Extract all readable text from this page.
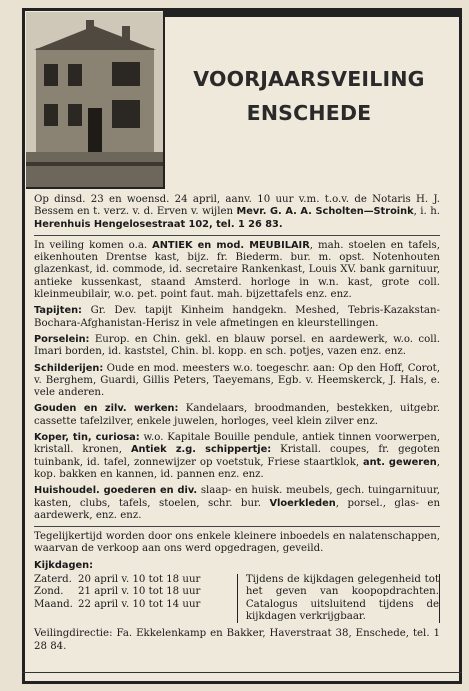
VOORJAARSVEILING
ENSCHEDE

Op dinsd. 23 en woensd. 24 april, aanv. 10 uur v.m. t.o.v. de Notaris H. J. Bessem en t. verz. v. d. Erven v. wijlen Mevr. G. A. A. Scholten—Stroink, i. h. Herenhuis Hengelosestraat 102, tel. 1 26 83.

In veiling komen o.a. ANTIEK en mod. MEUBILAIR, mah. stoelen en tafels, eikenhouten Drentse kast, bijz. fr. Biederm. bur. m. opst. Notenhouten glazenkast, id. commode, id. secretaire Rankenkast, Louis XV. bank garnituur, antieke kussenkast, staand Amsterd. horloge in w.n. kast, grote coll. kleinmeubilair, w.o. pet. point faut. mah. bijzettafels enz. enz.

Tapijten: Gr. Dev. tapijt Kinheim handgekn. Meshed, Tebris-Kazakstan-Bochara-Afghanistan-Herisz in vele afmetingen en kleurstellingen.

Porselein: Europ. en Chin. gekl. en blauw porsel. en aardewerk, w.o. coll. Imari borden, id. kaststel, Chin. bl. kopp. en sch. potjes, vazen enz. enz.

Schilderijen: Oude en mod. meesters w.o. toegeschr. aan: Op den Hoff, Corot, v. Berghem, Guardi, Gillis Peters, Taeyemans, Egb. v. Heemskerck, J. Hals, e. vele anderen.

Gouden en zilv. werken: Kandelaars, broodmanden, bestekken, uitgebr. cassette tafelzilver, enkele juwelen, horloges, veel klein zilver enz.

Koper, tin, curiosa: w.o. Kapitale Bouille pendule, antiek tinnen voorwerpen, kristall. kronen, Antiek z.g. schippertje: Kristall. coupes, fr. gegoten tuinbank, id. tafel, zonnewijzer op voetstuk, Friese staartklok, ant. geweren, kop. bakken en kannen, id. pannen enz. enz.

Huishoudel. goederen en div. slaap- en huisk. meubels, gech. tuingarnituur, kasten, clubs, tafels, stoelen, schr. bur. Vloerkleden, porsel., glas- en aardewerk, enz. enz.

Tegelijkertijd worden door ons enkele kleinere inboedels en nalatenschappen, waarvan de verkoop aan ons werd opgedragen, geveild.

Kijkdagen:
Zaterd. 20 april v. 10 tot 18 uur
Zond.	21 april v. 10 tot 18 uur
Maand. 22 april v. 10 tot 14 uur
Tijdens de kijkdagen gelegenheid tot het geven van koopopdrachten. Catalogus uitsluitend tijdens de kijkdagen verkrijgbaar.

Veilingdirectie: Fa. Ekkelenkamp en Bakker, Haverstraat 38, Enschede, tel. 1 28 84.
